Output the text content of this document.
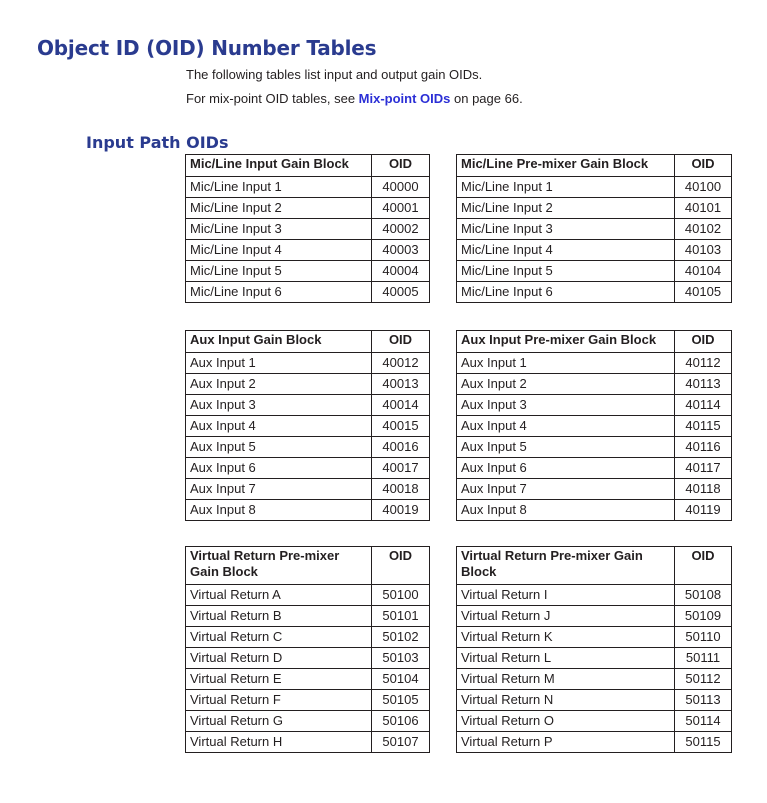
Object ID (OID) Number Tables
The following tables list input and output gain OIDs.
For mix-point OID tables, see Mix-point OIDs on page 66.
Input Path OIDs
Mic/Line Input Gain Block	OID
Mic/Line Input 1	40000
Mic/Line Input 2	40001
Mic/Line Input 3	40002
Mic/Line Input 4	40003
Mic/Line Input 5	40004
Mic/Line Input 6	40005
Mic/Line Pre-mixer Gain Block	OID
Mic/Line Input 1	40100
Mic/Line Input 2	40101
Mic/Line Input 3	40102
Mic/Line Input 4	40103
Mic/Line Input 5	40104
Mic/Line Input 6	40105
Aux Input Gain Block	OID
Aux Input 1	40012
Aux Input 2	40013
Aux Input 3	40014
Aux Input 4	40015
Aux Input 5	40016
Aux Input 6	40017
Aux Input 7	40018
Aux Input 8	40019
Aux Input Pre-mixer Gain Block	OID
Aux Input 1	40112
Aux Input 2	40113
Aux Input 3	40114
Aux Input 4	40115
Aux Input 5	40116
Aux Input 6	40117
Aux Input 7	40118
Aux Input 8	40119
Virtual Return Pre-mixer Gain Block	OID
Virtual Return A	50100
Virtual Return B	50101
Virtual Return C	50102
Virtual Return D	50103
Virtual Return E	50104
Virtual Return F	50105
Virtual Return G	50106
Virtual Return H	50107
Virtual Return Pre-mixer Gain Block	OID
Virtual Return I	50108
Virtual Return J	50109
Virtual Return K	50110
Virtual Return L	50111
Virtual Return M	50112
Virtual Return N	50113
Virtual Return O	50114
Virtual Return P	50115
